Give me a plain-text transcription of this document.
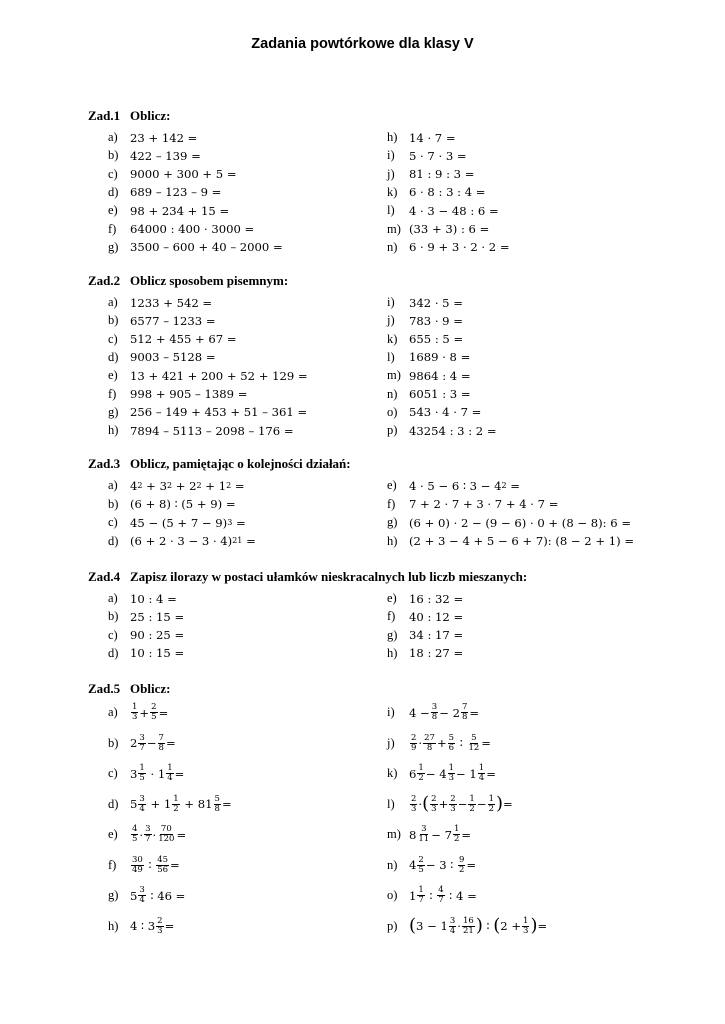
Zadania powtórkowe dla klasy V
Zad.1 Oblicz:
a)	23 + 142 =
b) 422 – 139 =
c)	9000 + 300 + 5 =
d) 689 – 123 – 9 =
e)	98 + 234 + 15 =
f)	64000 : 400 · 3000 =
g) 3500 – 600 + 40 – 2000 =
h) 14 · 7 =
i)	5 · 7 · 3 =
j)	81 : 9 : 3 =
k) 6 · 8 : 3 : 4 =
l)	4 · 3 − 48 : 6 =
m) (33 + 3) : 6 =
n) 6 · 9 + 3 · 2 · 2 =
Zad.2 Oblicz sposobem pisemnym:
a)	1233 + 542 =
b) 6577 – 1233 =
c)	512 + 455 + 67 =
d) 9003 – 5128 =
e)	13 + 421 + 200 + 52 + 129 =
f)	998 + 905 – 1389 =
g) 256 – 149 + 453 + 51 – 361 =
h) 7894 – 5113 – 2098 – 176 =
i)	342 · 5 =
j)	783 · 9 =
k) 655 : 5 =
l)	1689 · 8 =
m) 9864 : 4 =
n) 6051 : 3 =
o) 543 · 4 · 7 =
p) 43254 : 3 : 2 =
Zad.3 Oblicz, pamiętając o kolejności działań:
a)	4 2 + 3 2 + 2 2 + 1 2 =
b) (6 + 8) ∶ (5 + 9) =
c)	45 − (5 + 7 − 9) 3 =
d) (6 + 2 · 3 − 3 · 4) 21 =
e)	4 · 5 − 6 ∶ 3 − 4 2 =
f)	7 + 2 · 7 + 3 · 7 + 4 · 7 =
g) (6 + 0) · 2 − (9 − 6) · 0 + (8 − 8): 6 =
h) (2 + 3 − 4 + 5 − 6 + 7): (8 − 2 + 1) =
Zad.4 Zapisz ilorazy w postaci ułamków nieskracalnych lub liczb mieszanych:
a)	10 : 4 =
b) 25 : 15 =
c)	90 : 25 =
d) 10 : 15 =
e)	16 : 32 =
f)	40 : 12 =
g) 34 : 17 =
h) 18 : 27 =
Zad.5 Oblicz:
a)	$\frac{1}{3} + \frac{2}{5}$ =
b) $2 \frac{3}{7} - \frac{7}{8}$ =
c)	$3 \frac{1}{5} \cdot 1 \frac{1}{4}$ =
d) $5 \frac{3}{4} + 1 \frac{1}{2} + 81 \frac{5}{8}$ =
e)	$\frac{4}{5} \cdot \frac{3}{7} \cdot \frac{70}{120}$ =
f)	$\frac{30}{49}$ ∶ $\frac{45}{56}$ =
g) $5 \frac{3}{4}$ ∶ 46 =
h) 4 ∶ $3 \frac{2}{3}$ =
i)	$4 - \frac{3}{8} - 2 \frac{7}{8}$ =
j)	$\frac{2}{9} \cdot \frac{27}{8} + \frac{5}{6}$ ∶ $\frac{5}{12}$ =
k) $6 \frac{1}{2} - 4 \frac{1}{3} - 1 \frac{1}{4}$ =
l)	$\frac{2}{3}$ · ( $\frac{2}{3} + \frac{2}{3} - \frac{1}{2} - \frac{1}{2}$ ) =
m) $8 \frac{3}{11} - 7 \frac{1}{2}$ =
n) $4 \frac{2}{5} - 3$ ∶ $\frac{9}{2}$ =
o) $1 \frac{1}{7}$ ∶ $\frac{4}{7}$ ∶ 4 =
p) ( $3 - 1 \frac{3}{4} \cdot \frac{16}{21}$ ) ∶ ( $2 + \frac{1}{3}$ ) =
